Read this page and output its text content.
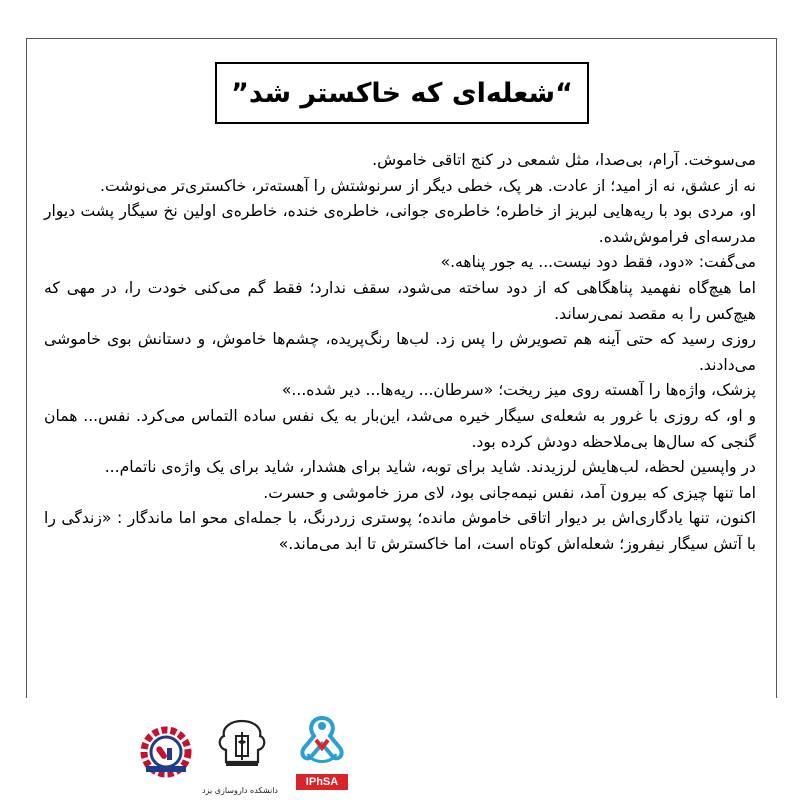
“شعله‌ای که خاکستر شد”

می‌سوخت. آرام، بی‌صدا، مثل شمعی در کنج اتاقی خاموش.

نه از عشق، نه از امید؛ از عادت. هر پک، خطی دیگر از سرنوشتش را آهسته‌تر، خاکستری‌تر می‌نوشت.

او، مردی بود با ریه‌هایی لبریز از خاطره؛ خاطره‌ی جوانی، خاطره‌ی خنده، خاطره‌ی اولین نخ سیگار پشت دیوار مدرسه‌ای فراموش‌شده.

می‌گفت: «دود، فقط دود نیست... یه جور پناهه.»

اما هیچ‌گاه نفهمید پناهگاهی که از دود ساخته می‌شود، سقف ندارد؛ فقط گم می‌کنی خودت را، در مهی که هیچ‌کس را به مقصد نمی‌رساند.

روزی رسید که حتی آینه هم تصویرش را پس زد. لب‌ها رنگ‌پریده، چشم‌ها خاموش، و دستانش بوی خاموشی می‌دادند.

پزشک، واژه‌ها را آهسته روی میز ریخت؛ «سرطان... ریه‌ها... دیر شده...»

و او، که روزی با غرور به شعله‌ی سیگار خیره می‌شد، این‌بار به یک نفس ساده التماس می‌کرد. نفس... همان گنجی که سال‌ها بی‌ملاحظه دودش کرده بود.

در واپسین لحظه، لب‌هایش لرزیدند. شاید برای توبه، شاید برای هشدار، شاید برای یک واژه‌ی ناتمام...

اما تنها چیزی که بیرون آمد، نفس نیمه‌جانی بود، لای مرز خاموشی و حسرت.

اکنون، تنها یادگاری‌اش بر دیوار اتاقی خاموش مانده؛ پوستری زردرنگ، با جمله‌ای محو اما ماندگار : «زندگی را با آتش سیگار نیفروز؛ شعله‌اش کوتاه است، اما خاکسترش تا ابد می‌ماند.»

دانشکده داروسازی یزد
IPhSA
